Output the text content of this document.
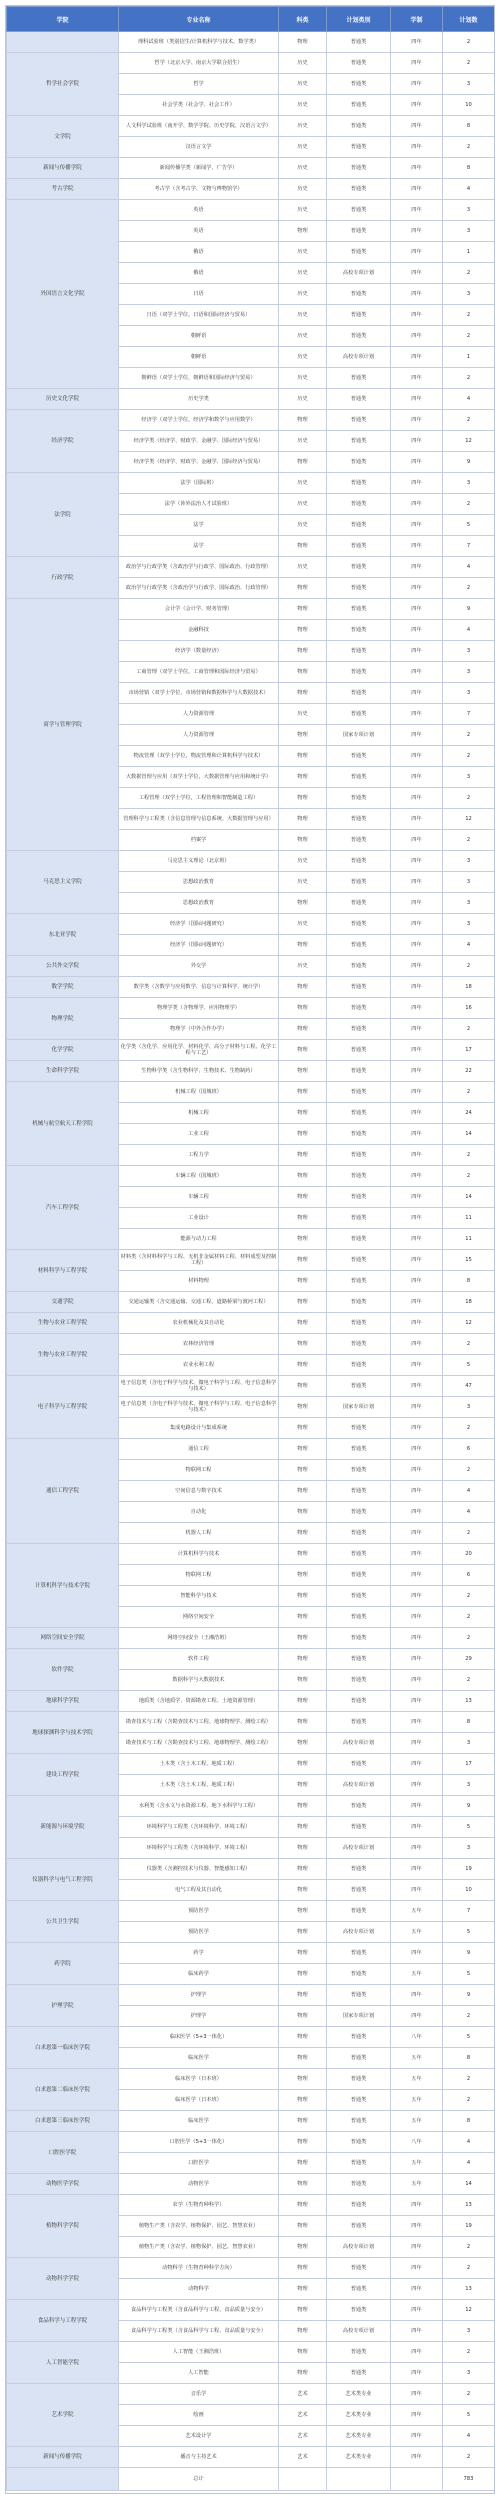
学院	专业名称	科类	计划类别	学制	计划数
	理科试验班（类别招生/计算机科学与技术、数学类）	物理	普通类	四年	2
哲学社会学院	哲学（北京大学、南京大学联合招生）	历史	普通类	四年	2
	哲学	历史	普通类	四年	3
	社会学类（社会学、社会工作）	历史	普通类	四年	10
文学院	人文科学试验班（南开学、数学学院、历史学院、汉语言文学）	历史	普通类	四年	8
	汉语言文学	历史	普通类	四年	2
新闻与传播学院	新闻传播学类（新闻学、广告学）	历史	普通类	四年	8
考古学院	考古学（含考古学、文物与博物馆学）	历史	普通类	四年	4
外国语言文化学院	英语	历史	普通类	四年	3
	英语	物理	普通类	四年	3
	俄语	历史	普通类	四年	1
	俄语	历史	高校专项计划	四年	2
	日语	历史	普通类	四年	3
	日语（双学士学位，日语和国际经济与贸易）	历史	普通类	四年	2
	朝鲜语	历史	普通类	四年	2
	朝鲜语	历史	高校专项计划	四年	1
	朝鲜语（双学士学位，朝鲜语和国际经济与贸易）	历史	普通类	四年	2
历史文化学院	历史学类	历史	普通类	四年	4
经济学院	经济学（双学士学位，经济学和数学与应用数学）	物理	普通类	四年	2
	经济学类（经济学、财政学、金融学、国际经济与贸易）	历史	普通类	四年	12
	经济学类（经济学、财政学、金融学、国际经济与贸易）	物理	普通类	四年	9
法学院	法学（国际班）	历史	普通类	四年	3
	法学（涉外法治人才试验班）	历史	普通类	四年	2
	法学	历史	普通类	四年	5
	法学	物理	普通类	四年	7
行政学院	政治学与行政学类（含政治学与行政学、国际政治、行政管理）	历史	普通类	四年	4
	政治学与行政学类（含政治学与行政学、国际政治、行政管理）	物理	普通类	四年	2
商学与管理学院	会计学（会计学、财务管理）	物理	普通类	四年	9
	金融科技	物理	普通类	四年	4
	经济学（数量经济）	物理	普通类	四年	3
	工商管理（双学士学位，工商管理和国际经济与贸易）	物理	普通类	四年	3
	市场营销（双学士学位，市场营销和数据科学与大数据技术）	物理	普通类	四年	3
	人力资源管理	历史	普通类	四年	7
	人力资源管理	物理	国家专项计划	四年	2
	物流管理（双学士学位，物流管理和计算机科学与技术）	物理	普通类	四年	2
	大数据管理与应用（双学士学位，大数据管理与应用和统计学）	物理	普通类	四年	3
	工程管理（双学士学位，工程管理和智能制造工程）	物理	普通类	四年	2
	管理科学与工程类（含信息管理与信息系统、大数据管理与应用）	物理	普通类	四年	12
	档案学	物理	普通类	四年	2
马克思主义学院	马克思主义理论（北京班）	历史	普通类	四年	3
	思想政治教育	历史	普通类	四年	3
	思想政治教育	物理	普通类	四年	3
东北亚学院	经济学（国际问题研究）	历史	普通类	四年	3
	经济学（国际问题研究）	物理	普通类	四年	4
公共外交学院	外交学	历史	普通类	四年	2
数学学院	数学类（含数学与应用数学、信息与计算科学、统计学）	物理	普通类	四年	18
物理学院	物理学类（含物理学、应用物理学）	物理	普通类	四年	16
	物理学（中外合作办学）	物理	普通类	四年	2
化学学院	化学类（含化学、应用化学、材料化学、高分子材料与工程、化学工程与工艺）	物理	普通类	四年	17
生命科学学院	生物科学类（含生物科学、生物技术、生物制药）	物理	普通类	四年	22
机械与航空航天工程学院	机械工程（国城班）	物理	普通类	四年	2
	机械工程	物理	普通类	四年	24
	工业工程	物理	普通类	四年	14
	工程力学	物理	普通类	四年	2
汽车工程学院	车辆工程（国城班）	物理	普通类	四年	2
	车辆工程	物理	普通类	四年	14
	工业设计	物理	普通类	四年	11
	能源与动力工程	物理	普通类	四年	11
材料科学与工程学院	材料类（含材料科学与工程、无机非金属材料工程、材料成型及控制工程）	物理	普通类	四年	15
	材料物理	物理	普通类	四年	8
交通学院	交通运输类（含交通运输、交通工程、道路桥梁与渡河工程）	物理	普通类	四年	18
生物与农业工程学院	农业机械化及其自动化	物理	普通类	四年	12
生物与农业工程学院	农林经济管理	物理	普通类	四年	2
	农业水利工程	物理	普通类	四年	5
电子科学与工程学院	电子信息类（含电子科学与技术、微电子科学与工程、电子信息科学与技术）	物理	普通类	四年	47
	电子信息类（含电子科学与技术、微电子科学与工程、电子信息科学与技术）	物理	国家专项计划	四年	3
	集成电路设计与集成系统	物理	普通类	四年	2
通信工程学院	通信工程	物理	普通类	四年	6
	物联网工程	物理	普通类	四年	2
	空间信息与数字技术	物理	普通类	四年	4
	自动化	物理	普通类	四年	4
	机器人工程	物理	普通类	四年	2
计算机科学与技术学院	计算机科学与技术	物理	普通类	四年	20
	物联网工程	物理	普通类	四年	6
	智能科学与技术	物理	普通类	四年	2
	网络空间安全	物理	普通类	四年	2
网络空间安全学院	网络空间安全（王湘浩班）	物理	普通类	四年	2
软件学院	软件工程	物理	普通类	四年	29
	数据科学与大数据技术	物理	普通类	四年	2
地球科学学院	地质类（含地质学、资源勘查工程、土地资源管理）	物理	普通类	四年	13
地球探测科学与技术学院	勘查技术与工程（含勘查技术与工程、地球物理学、测绘工程）	物理	普通类	四年	8
	勘查技术与工程（含勘查技术与工程、地球物理学、测绘工程）	物理	高校专项计划	四年	3
建设工程学院	土木类（含土木工程、地质工程）	物理	普通类	四年	17
	土木类（含土木工程、地质工程）	物理	高校专项计划	四年	3
新能源与环境学院	水利类（含水文与水资源工程、地下水科学与工程）	物理	普通类	四年	9
	环境科学与工程类（含环境科学、环境工程）	物理	普通类	四年	5
	环境科学与工程类（含环境科学、环境工程）	物理	高校专项计划	四年	3
仪器科学与电气工程学院	仪器类（含测控技术与仪器、智能感知工程）	物理	普通类	四年	19
	电气工程及其自动化	物理	普通类	四年	10
公共卫生学院	预防医学	物理	普通类	五年	7
	预防医学	物理	高校专项计划	五年	5
药学院	药学	物理	普通类	四年	9
	临床药学	物理	普通类	五年	5
护理学院	护理学	物理	普通类	四年	9
	护理学	物理	国家专项计划	四年	2
白求恩第一临床医学院	临床医学（5+3一体化）	物理	普通类	八年	5
	临床医学	物理	普通类	五年	8
白求恩第二临床医学院	临床医学（日本班）	物理	普通类	五年	2
	临床医学（日本班）	物理	普通类	五年	2
白求恩第三临床医学院	临床医学	物理	普通类	五年	8
口腔医学院	口腔医学（5+3一体化）	物理	普通类	八年	4
	口腔医学	物理	普通类	五年	4
动物医学学院	动物医学	物理	普通类	五年	14
植物科学学院	农学（生物育种科学）	物理	普通类	四年	13
	植物生产类（含农学、植物保护、园艺、智慧农业）	物理	普通类	四年	19
	植物生产类（含农学、植物保护、园艺、智慧农业）	物理	高校专项计划	四年	2
动物科学学院	动物科学（生物育种科学方向）	物理	普通类	四年	2
	动物科学	物理	普通类	四年	13
食品科学与工程学院	食品科学与工程类（含食品科学与工程、食品质量与安全）	物理	普通类	四年	12
	食品科学与工程类（含食品科学与工程、食品质量与安全）	物理	高校专项计划	四年	3
人工智能学院	人工智能（王湘浩班）	物理	普通类	四年	2
	人工智能	物理	普通类	四年	3
艺术学院	音乐学	艺术	艺术类专业	四年	2
	绘画	艺术	艺术类专业	四年	5
	艺术设计学	艺术	艺术类专业	四年	4
新闻与传播学院	播音与主持艺术	艺术	艺术类专业	四年	2
	总计				783
